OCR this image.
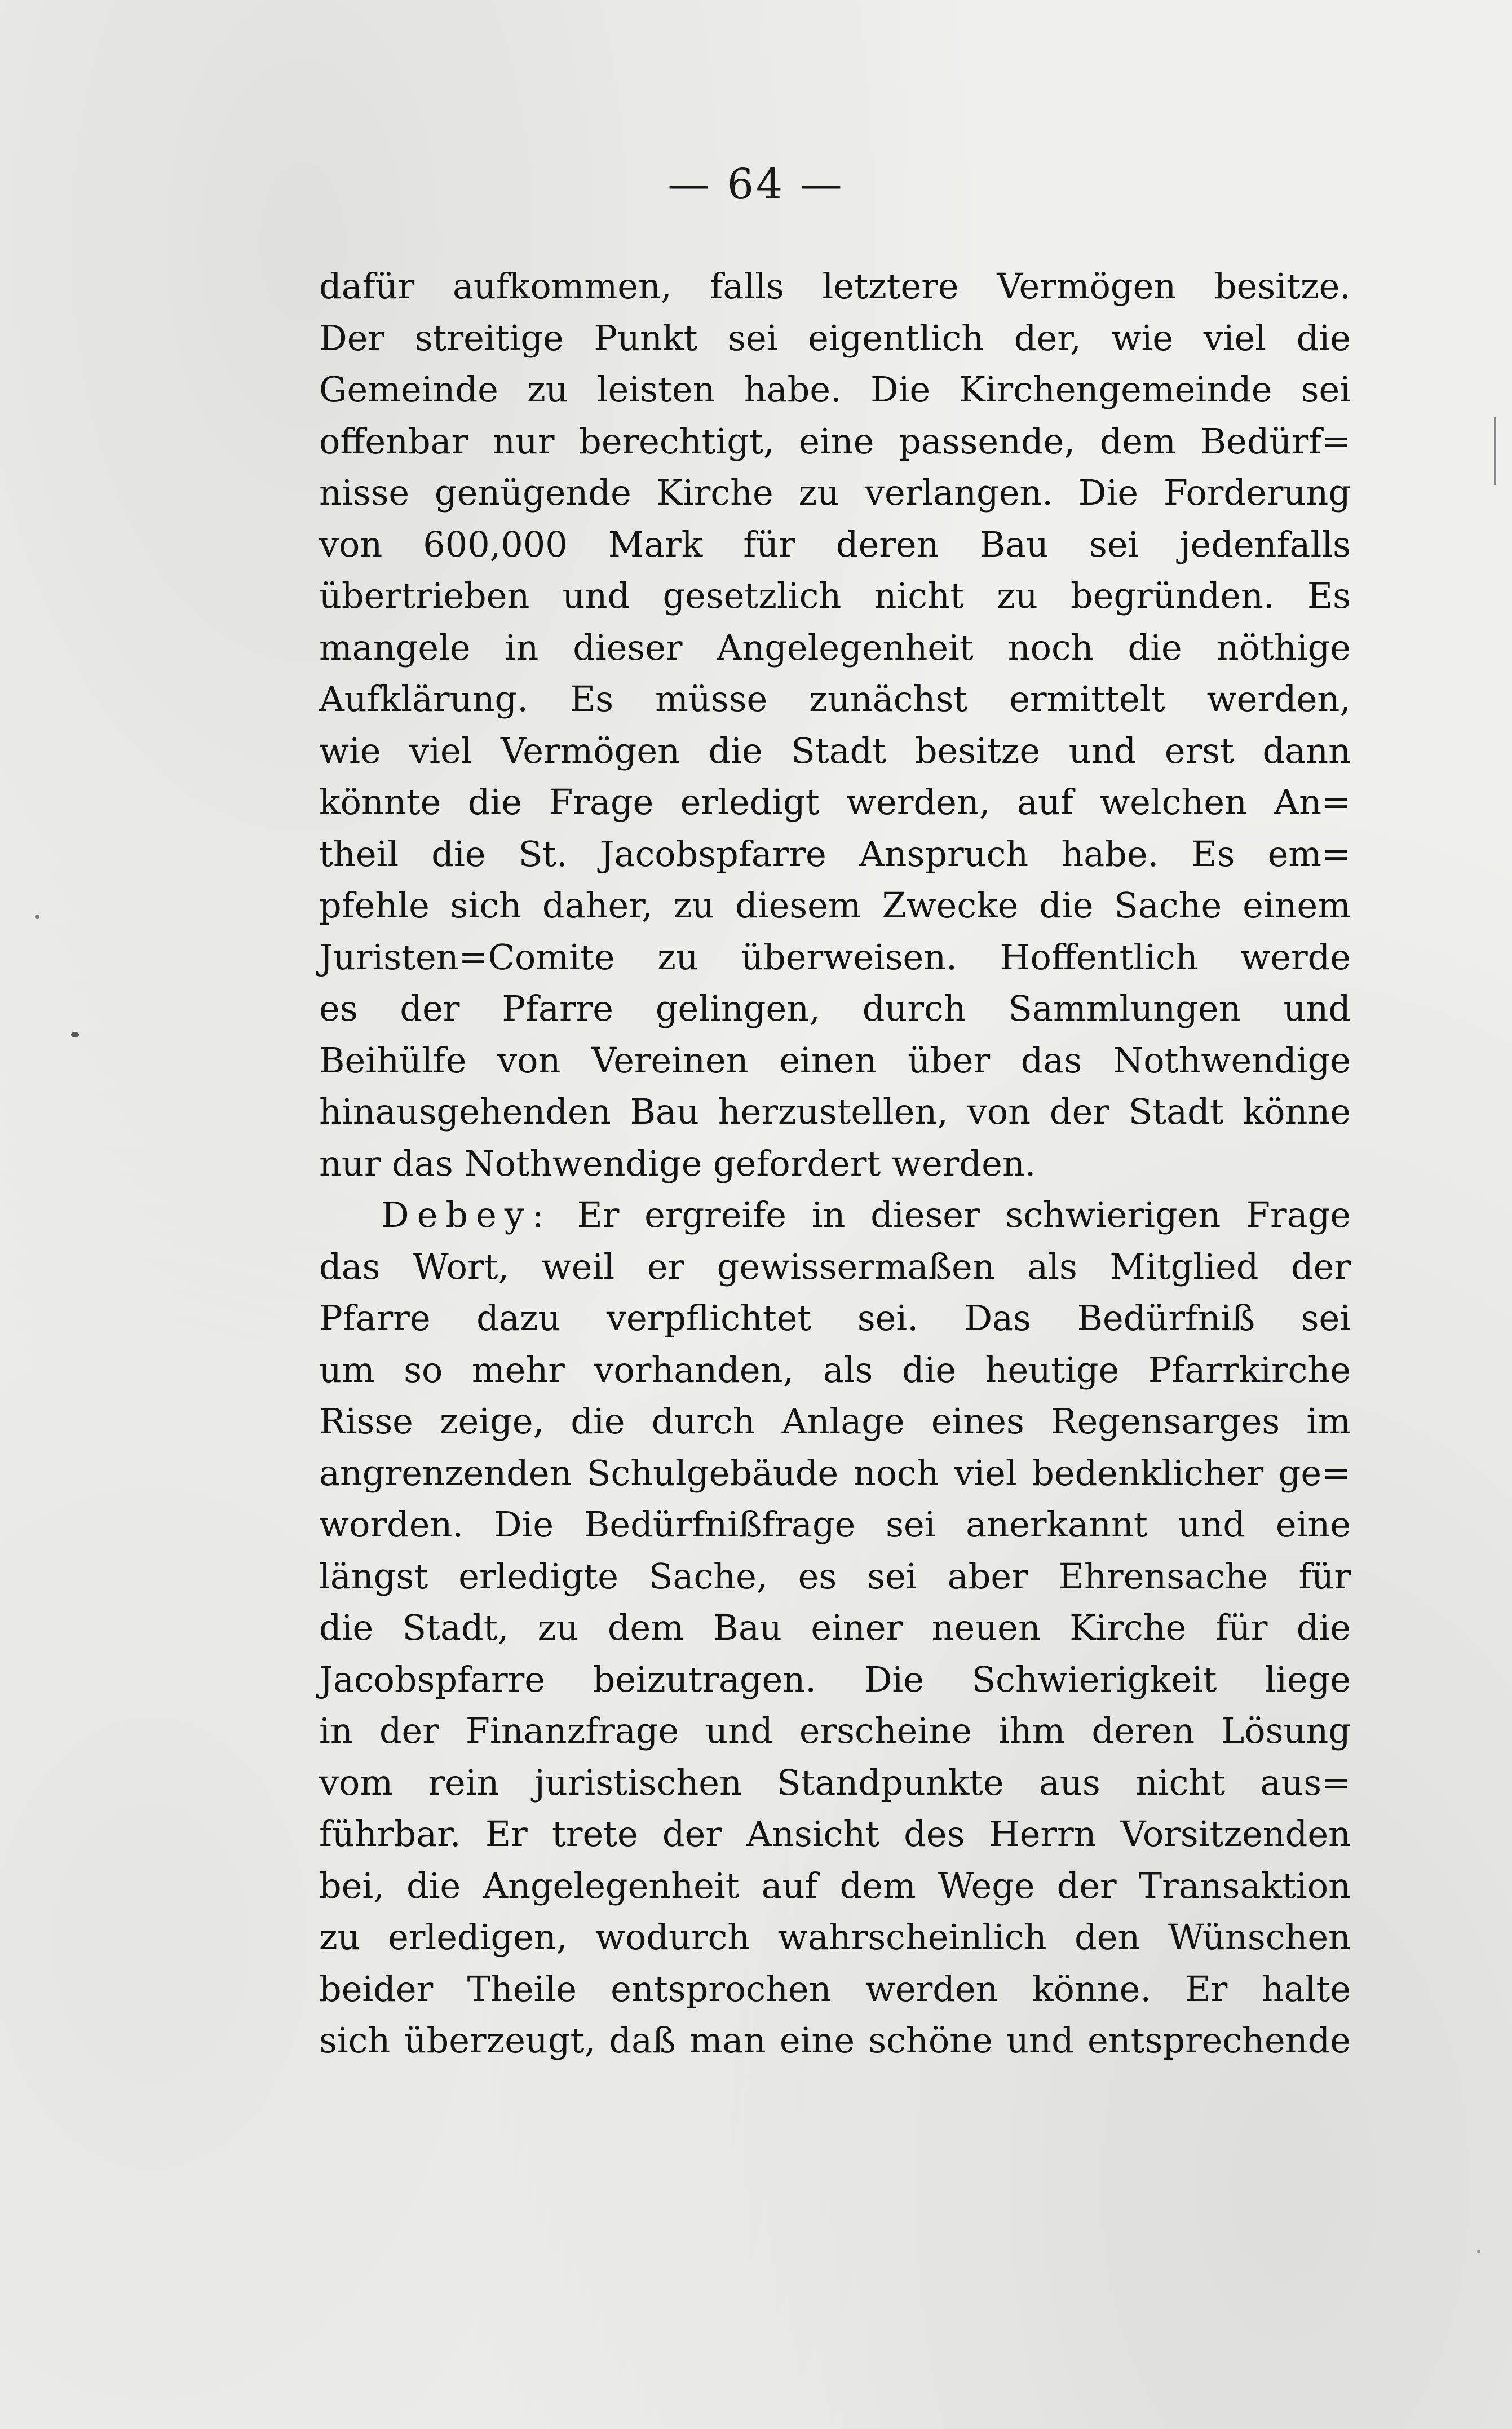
— 64 —
dafür aufkommen, falls letztere Vermögen besitze.
Der streitige Punkt sei eigentlich der, wie viel die
Gemeinde zu leisten habe. Die Kirchengemeinde sei
offenbar nur berechtigt, eine passende, dem Bedürf=
nisse genügende Kirche zu verlangen. Die Forderung
von 600,000 Mark für deren Bau sei jedenfalls
übertrieben und gesetzlich nicht zu begründen. Es
mangele in dieser Angelegenheit noch die nöthige
Aufklärung. Es müsse zunächst ermittelt werden,
wie viel Vermögen die Stadt besitze und erst dann
könnte die Frage erledigt werden, auf welchen An=
theil die St. Jacobspfarre Anspruch habe. Es em=
pfehle sich daher, zu diesem Zwecke die Sache einem
Juristen=Comite zu überweisen. Hoffentlich werde
es der Pfarre gelingen, durch Sammlungen und
Beihülfe von Vereinen einen über das Nothwendige
hinausgehenden Bau herzustellen, von der Stadt könne
nur das Nothwendige gefordert werden.
Debey: Er ergreife in dieser schwierigen Frage
das Wort, weil er gewissermaßen als Mitglied der
Pfarre dazu verpflichtet sei. Das Bedürfniß sei
um so mehr vorhanden, als die heutige Pfarrkirche
Risse zeige, die durch Anlage eines Regensarges im
angrenzenden Schulgebäude noch viel bedenklicher ge=
worden. Die Bedürfnißfrage sei anerkannt und eine
längst erledigte Sache, es sei aber Ehrensache für
die Stadt, zu dem Bau einer neuen Kirche für die
Jacobspfarre beizutragen. Die Schwierigkeit liege
in der Finanzfrage und erscheine ihm deren Lösung
vom rein juristischen Standpunkte aus nicht aus=
führbar. Er trete der Ansicht des Herrn Vorsitzenden
bei, die Angelegenheit auf dem Wege der Transaktion
zu erledigen, wodurch wahrscheinlich den Wünschen
beider Theile entsprochen werden könne. Er halte
sich überzeugt, daß man eine schöne und entsprechende
